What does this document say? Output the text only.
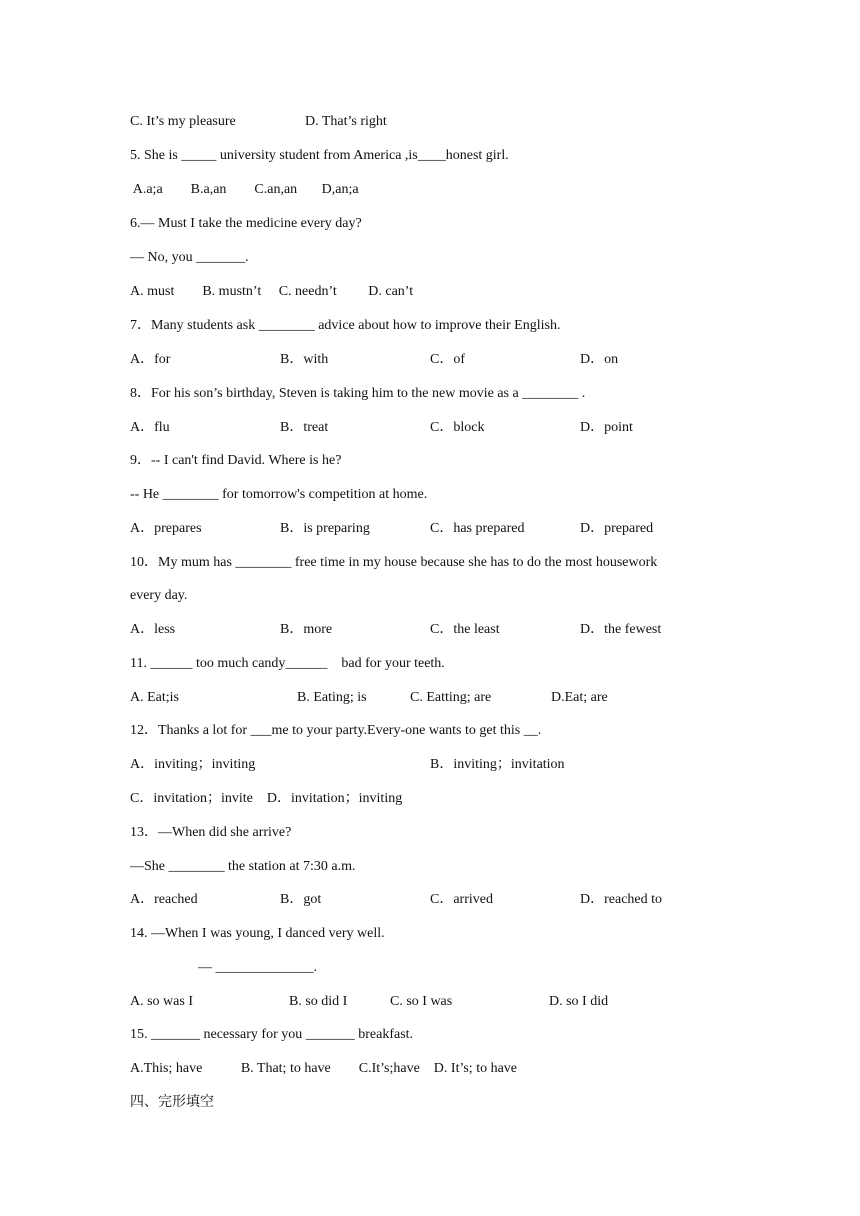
C. It’s my pleasure	D. That’s right
5. She is _____ university student from America ,is____honest girl.
A.a;a        B.a,an        C.an,an       D,an;a
6.— Must I take the medicine every day?
— No, you _______.
A. must        B. mustn’t     C. needn’t         D. can’t
7．Many students ask ________ advice about how to improve their English.
A．for	B．with	C．of	D．on
8．For his son’s birthday, Steven is taking him to the new movie as a ________ .
A．flu	B．treat	C．block	D．point
9．-- I can't find David. Where is he?
-- He ________ for tomorrow's competition at home.
A．prepares	B．is preparing	C．has prepared	D．prepared
10．My mum has ________ free time in my house because she has to do the most housework
every day.
A．less	B．more	C．the least	D．the fewest
11. ______ too much candy______    bad for your teeth.
A. Eat;is	B. Eating; is	C. Eatting; are	D.Eat; are
12．Thanks a lot for ___me to your party.Every-one wants to get this __.
A．inviting；inviting	B．inviting；invitation
C．invitation；invite    D．invitation；inviting
13．—When did she arrive?
—She ________ the station at 7:30 a.m.
A．reached	B．got	C．arrived	D．reached to
14. —When I was young, I danced very well.
— ______________.
A. so was I	B. so did I	C. so I was	D. so I did
15. _______ necessary for you _______ breakfast.
A.This; have           B. That; to have        C.It’s;have    D. It’s; to have
四、完形填空
